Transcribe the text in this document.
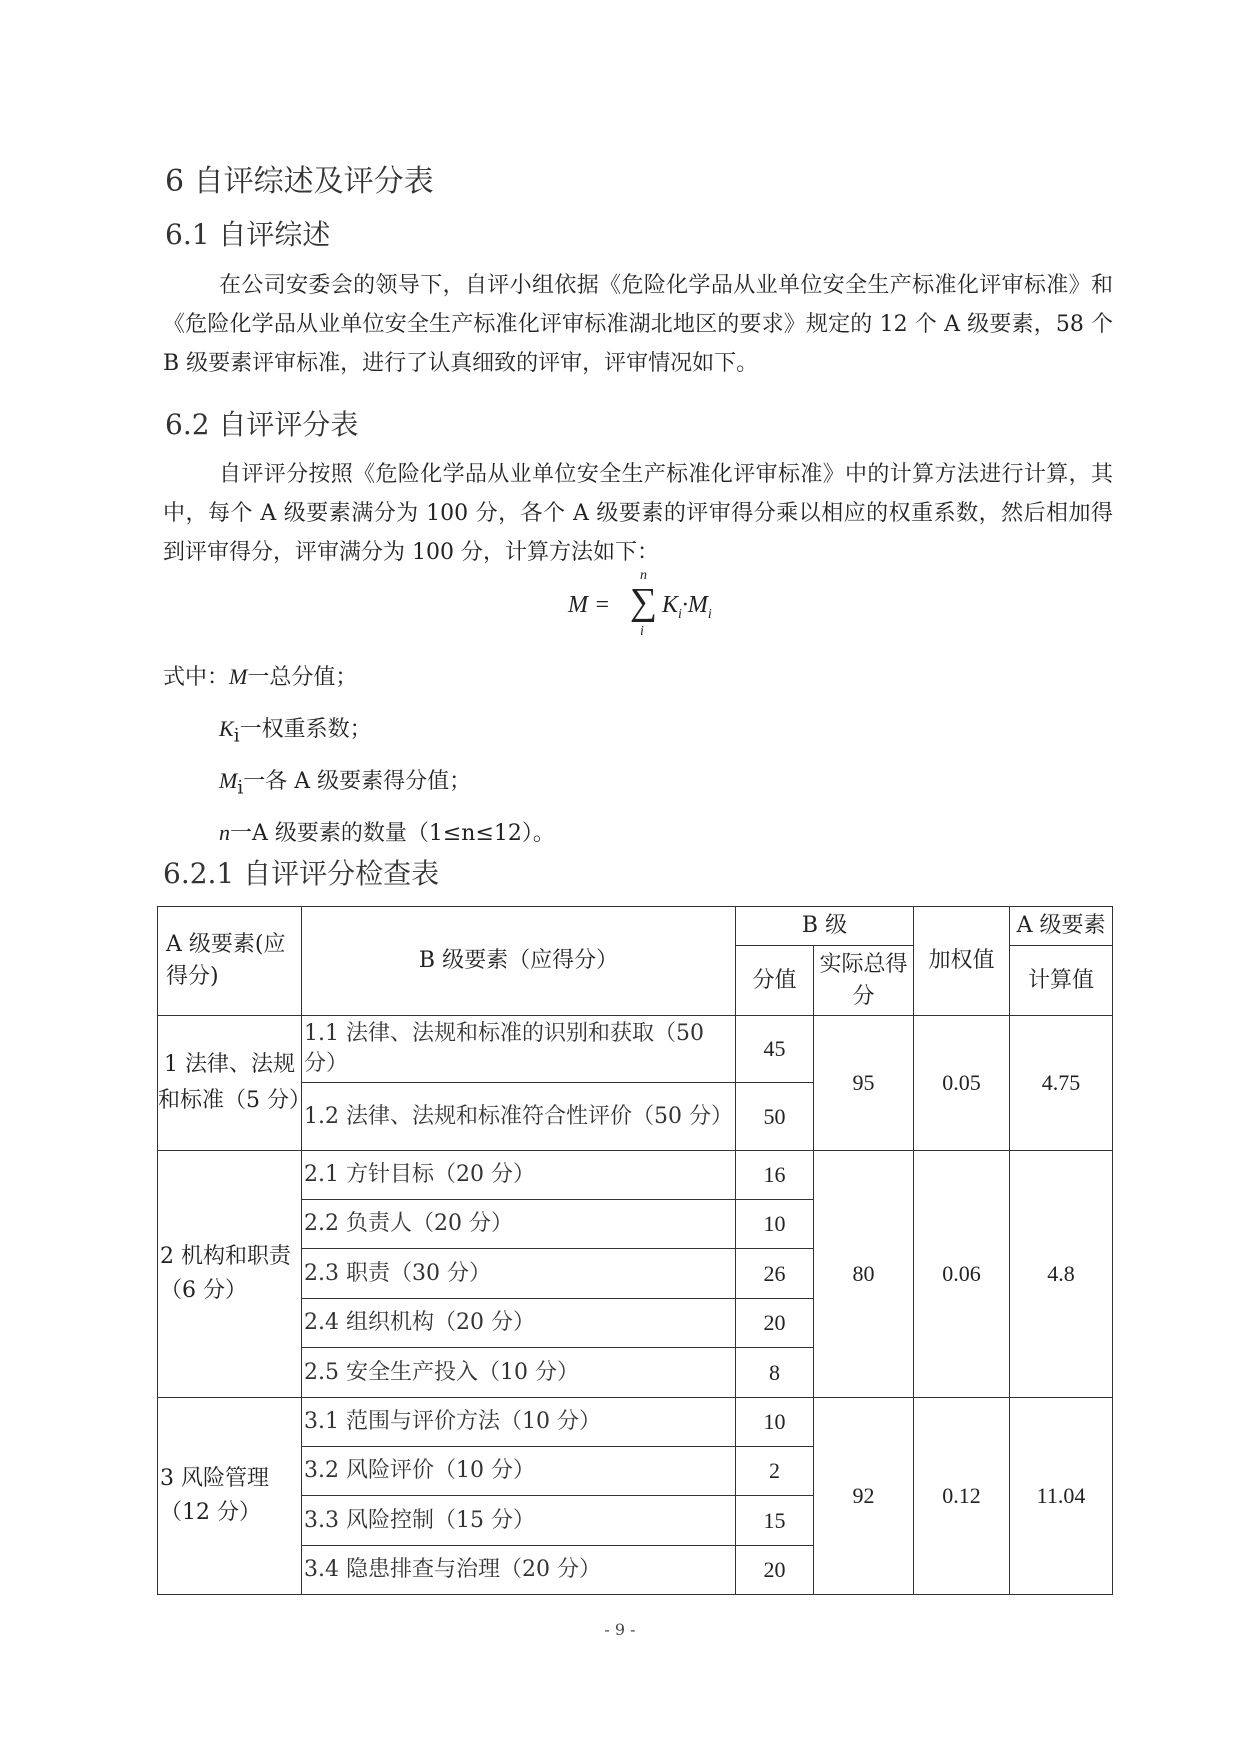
6 自评综述及评分表
6.1 自评综述

在公司安委会的领导下，自评小组依据《危险化学品从业单位安全生产标准化评审标准》和《危险化学品从业单位安全生产标准化评审标准湖北地区的要求》规定的 12 个 A 级要素，58 个 B 级要素评审标准，进行了认真细致的评审，评审情况如下。

6.2 自评评分表

自评评分按照《危险化学品从业单位安全生产标准化评审标准》中的计算方法进行计算，其中，每个 A 级要素满分为 100 分，各个 A 级要素的评审得分乘以相应的权重系数，然后相加得到评审得分，评审满分为 100 分，计算方法如下：

M =
n
∑
i
$K_i\cdot M_i$
式中：M一总分值；
$K_i$一权重系数；
$M_i$一各 A 级要素得分值；
n一A 级要素的数量（1≤n≤12）。
6.2.1 自评评分检查表
A 级要素(应得分)	B 级要素（应得分）	B 级		加权值	A 级要素
		分值	实际总得分		计算值
1 法律、法规和标准（5 分）	1.1 法律、法规和标准的识别和获取（50 分）	45	95	0.05	4.75
	1.2 法律、法规和标准符合性评价（50 分）	50			
2 机构和职责（6 分）	2.1 方针目标（20 分）	16	80	0.06	4.8
	2.2 负责人（20 分）	10			
	2.3 职责（30 分）	26			
	2.4 组织机构（20 分）	20			
	2.5 安全生产投入（10 分）	8			
3 风险管理（12 分）	3.1 范围与评价方法（10 分）	10	92	0.12	11.04
	3.2 风险评价（10 分）	2			
	3.3 风险控制（15 分）	15			
	3.4 隐患排查与治理（20 分）	20			
- 9 -
